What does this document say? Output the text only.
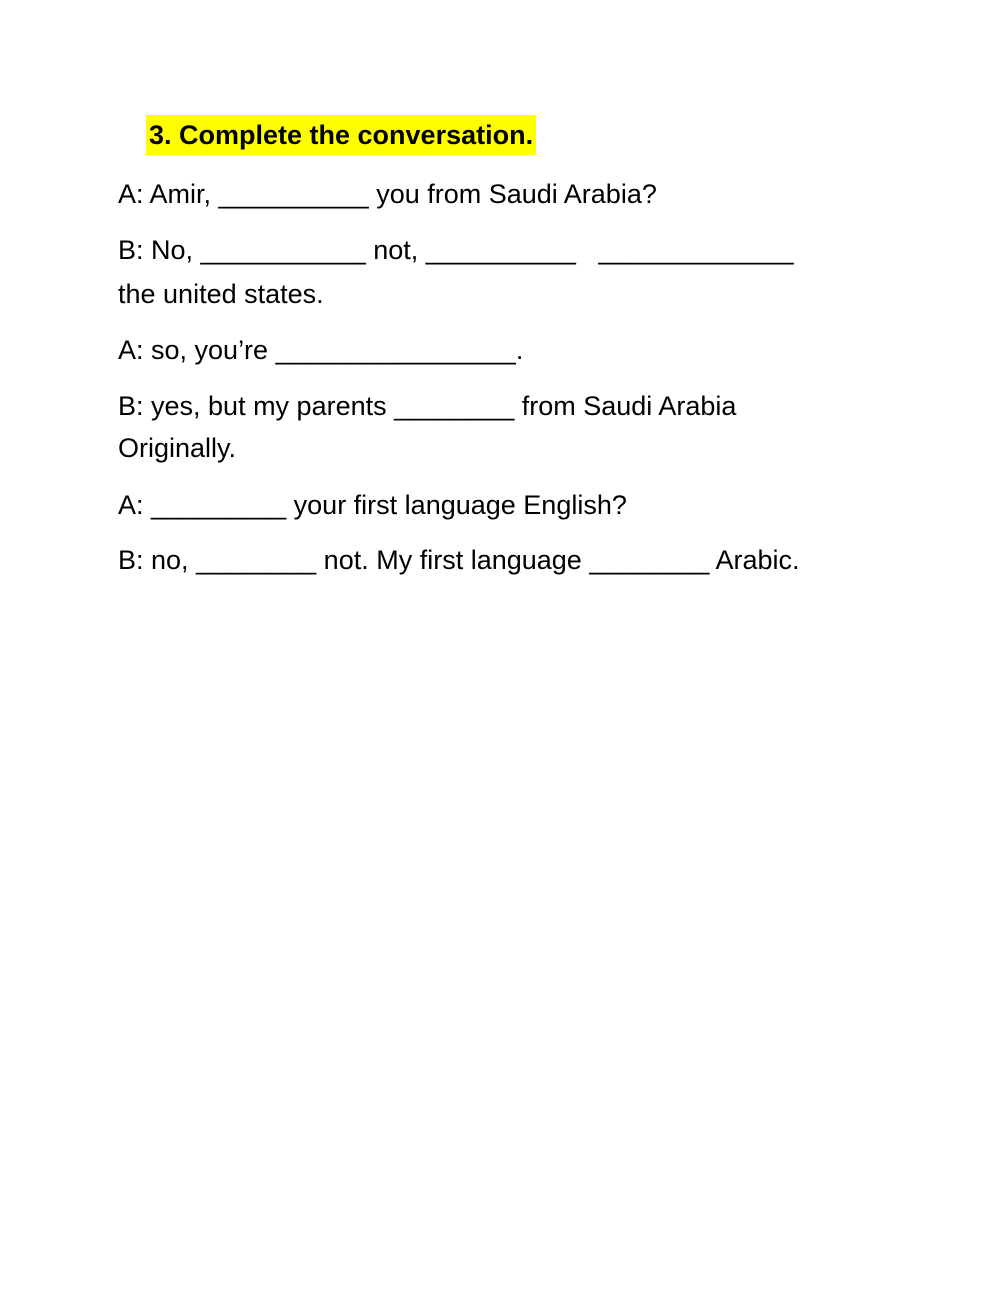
3. Complete the conversation.
A: Amir, __________ you from Saudi Arabia?
B: No, ___________ not, __________   _____________
the united states.
A: so, you’re ________________.
B: yes, but my parents ________ from Saudi Arabia
Originally.
A: _________ your first language English?
B: no, ________ not. My first language ________ Arabic.
